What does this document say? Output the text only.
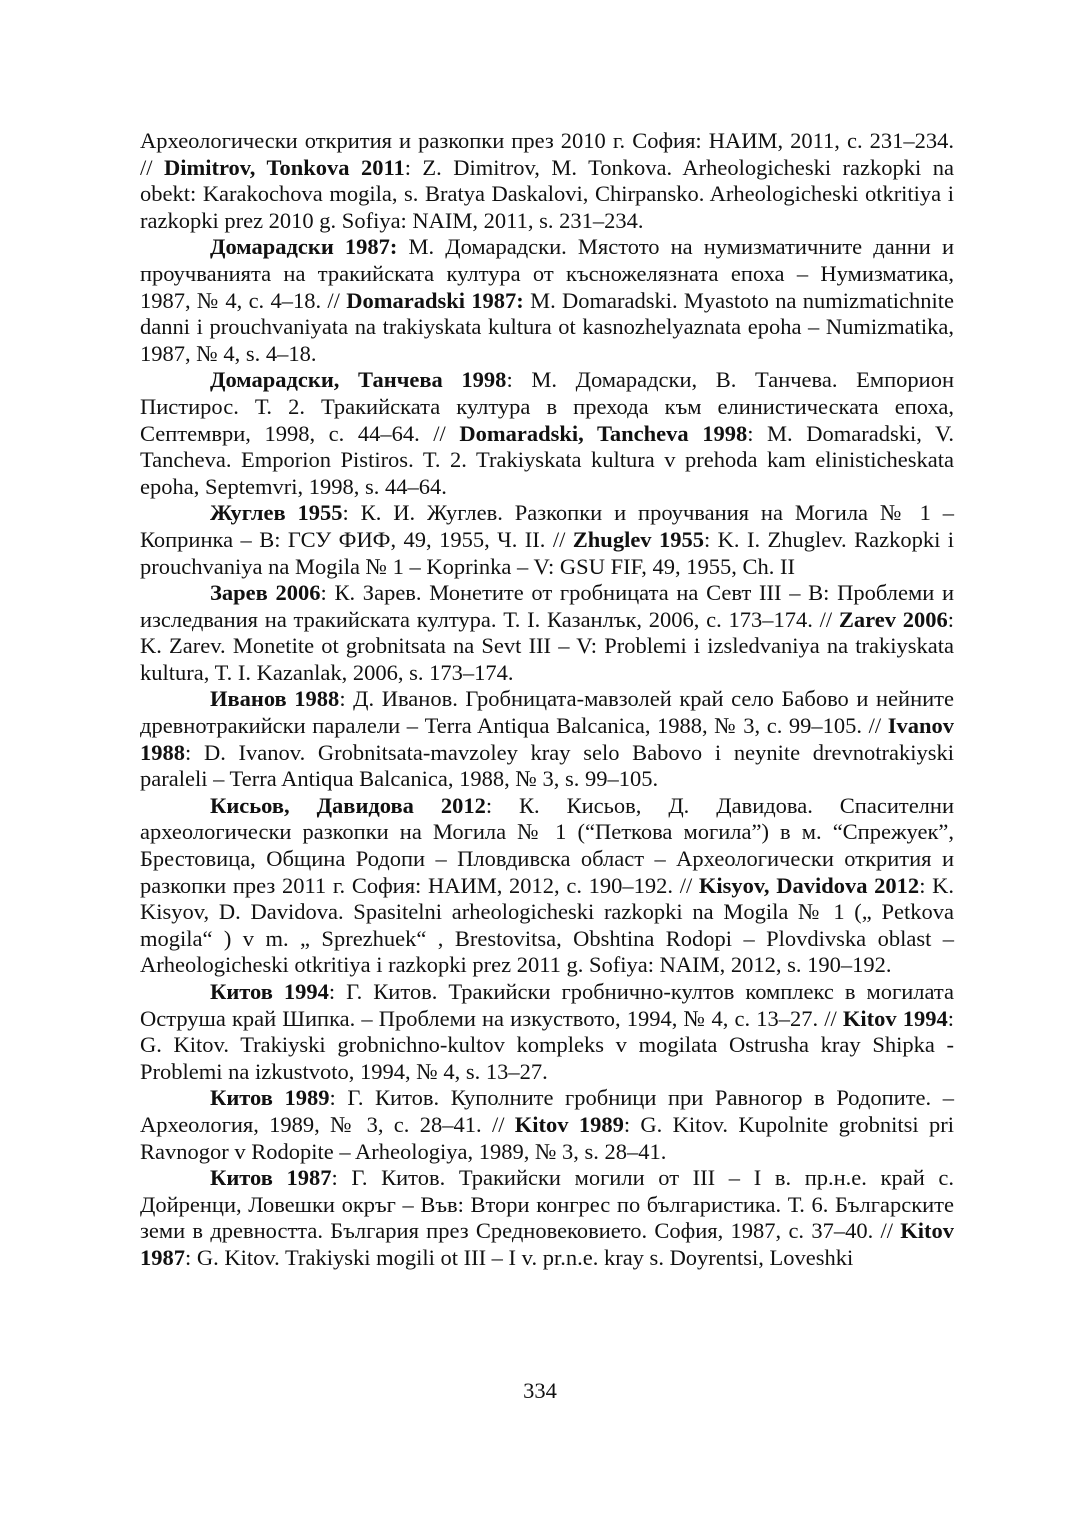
Археологически открития и разкопки през 2010 г. София: НАИМ, 2011, с. 231–234. // Dimitrov, Tonkova 2011: Z. Dimitrov, M. Tonkova. Arheologicheski razkopki na obekt: Karakochova mogila, s. Bratya Daskalovi, Chirpansko. Arheologicheski otkritiya i razkopki prez 2010 g. Sofiya: NAIM, 2011, s. 231–234.

Домарадски 1987: М. Домарадски. Мястото на нумизматичните данни и проучванията на тракийската култура от късножелязната епоха – Нумизматика, 1987, № 4, с. 4–18. // Domaradski 1987: M. Domaradski. Myastoto na numizmatichnite danni i prouchvaniyata na trakiyskata kultura ot kasnozhelyaznata epoha – Numizmatika, 1987, № 4, s. 4–18.

Домарадски, Танчева 1998: М. Домарадски, В. Танчева. Емпорион Пистирос. Т. 2. Тракийската култура в прехода към елинистическата епоха, Септември, 1998, с. 44–64. // Domaradski, Tancheva 1998: M. Domaradski, V. Tancheva. Emporion Pistiros. T. 2. Trakiyskata kultura v prehoda kam elinisticheskata epoha, Septemvri, 1998, s. 44–64.

Жуглев 1955: К. И. Жуглев. Разкопки и проучвания на Могила № 1 – Копринка – В: ГСУ ФИФ, 49, 1955, Ч. II. // Zhuglev 1955: K. I. Zhuglev. Razkopki i prouchvaniya na Mogila № 1 – Koprinka – V: GSU FIF, 49, 1955, Ch. II

Зарев 2006: К. Зарев. Монетите от гробницата на Севт III – В: Проблеми и изследвания на тракийската култура. Т. I. Казанлък, 2006, с. 173–174. // Zarev 2006: K. Zarev. Monetite ot grobnitsata na Sevt III – V: Problemi i izsledvaniya na trakiyskata kultura, T. I. Kazanlak, 2006, s. 173–174.

Иванов 1988: Д. Иванов. Гробницата-мавзолей край село Бабово и нейните древнотракийски паралели – Terra Antiqua Balcanica, 1988, № 3, с. 99–105. // Ivanov 1988: D. Ivanov. Grobnitsata-mavzoley kray selo Babovo i neynite drevnotrakiyski paraleli – Terra Antiqua Balcanica, 1988, № 3, s. 99–105.

Кисьов, Давидова 2012: К. Кисьов, Д. Давидова. Спасителни археологически разкопки на Могила № 1 (“Петкова могила”) в м. “Спрежуек”, Брестовица, Община Родопи – Пловдивска област – Археологически открития и разкопки през 2011 г. София: НАИМ, 2012, с. 190–192. // Kisyov, Davidova 2012: K. Kisyov, D. Davidova. Spasitelni arheologicheski razkopki na Mogila № 1 („ Petkova mogila“ ) v m. „ Sprezhuek“ , Brestovitsa, Obshtina Rodopi – Plovdivska oblast – Arheologicheski otkritiya i razkopki prez 2011 g. Sofiya: NAIM, 2012, s. 190–192.

Китов 1994: Г. Китов. Тракийски гробнично-култов комплекс в могилата Оструша край Шипка. – Проблеми на изкуството, 1994, № 4, с. 13–27. // Kitov 1994: G. Kitov. Trakiyski grobnichno-kultov kompleks v mogilata Ostrusha kray Shipka - Problemi na izkustvoto, 1994, № 4, s. 13–27.

Китов 1989: Г. Китов. Куполните гробници при Равногор в Родопите. – Археология, 1989, № 3, с. 28–41. // Kitov 1989: G. Kitov. Kupolnite grobnitsi pri Ravnogor v Rodopite – Arheologiya, 1989, № 3, s. 28–41.

Китов 1987: Г. Китов. Тракийски могили от III – I в. пр.н.е. край с. Дойренци, Ловешки окръг – Във: Втори конгрес по българистика. Т. 6. Българските земи в древността. България през Средновековието. София, 1987, с. 37–40. // Kitov 1987: G. Kitov. Trakiyski mogili ot III – I v. pr.n.e. kray s. Doyrentsi, Loveshki

334
